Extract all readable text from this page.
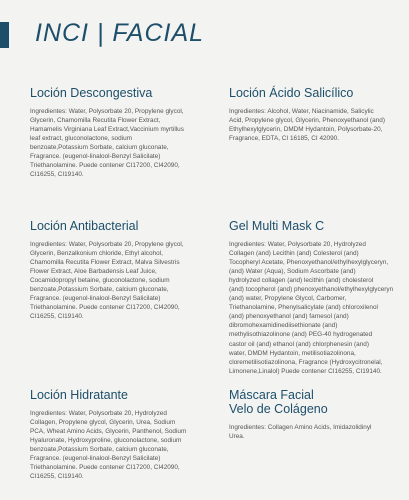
INCI | FACIAL
Loción Descongestiva

Ingredientes: Water, Polysorbate 20, Propylene glycol,
Glycerin, Chamomilla Recutita Flower Extract,
Hamamelis Virginiana Leaf Extract,Vaccinium myrtillus
leaf extract, gluconolactone, sodium
benzoate,Potassium Sorbate, calcium gluconate,
Fragrance. (eugenol-linalool-Benzyl Salicilate)
Triethanolamine. Puede contener CI17200, CI42090,
CI16255, CI19140.

Loción Ácido Salicílico

Ingredientes: Alcohol, Water, Niacinamide, Salicylic
Acid, Propylene glycol, Glycerin, Phenoxyethanol (and)
Ethylhexylglycerin, DMDM Hydantoin, Polysorbate-20,
Fragrance, EDTA, CI 16185, CI 42090.

Loción Antibacterial

Ingredientes: Water, Polysorbate 20, Propylene glycol,
Glycerin, Benzalkonium chloride, Ethyl alcohol,
Chamomilla Recutita Flower Extract, Malva Silvestris
Flower Extract, Aloe Barbadensis Leaf Juice,
Cocamidopropyl betaine, gluconolactone, sodium
benzoate,Potassium Sorbate, calcium gluconate,
Fragrance. (eugenol-linalool-Benzyl Salicilate)
Triethanolamine. Puede contener CI17200, CI42090,
CI16255, CI19140.

Gel Multi Mask C

Ingredientes: Water, Polysorbate 20, Hydrolyzed
Collagen (and) Lecithin (and) Colesterol (and)
Tocopheryl Acetate, Phenoxyethanol/ethylhexylglyceryn,
(and) Water (Aqua), Sodium Ascorbate (and)
hydrolyzed collagen (and) lecithin (and) cholesterol
(and) tocopherol (and) phenoxyethanol/ethylhexylglyceryn
(and) water, Propylene Glycol, Carbomer,
Triethanolamine, Phenylsalicylate (and) chloroxilenol
(and) phenoxyethanol (and) farnesol (and)
dibromohexamidinediisethionate (and)
methylisothiazolinone (and) PEG-40 hydrogenated
castor oil (and) ethanol (and) chlorphenesin (and)
water, DMDM Hydantoin, metilisotiazolinona,
cloremetilisotiazolinona, Fragrance (Hydroxycitronelal,
Limonene,Linalol) Puede contener CI16255, CI19140.

Loción Hidratante

Ingredientes: Water, Polysorbate 20, Hydrolyzed
Collagen, Propylene glycol, Glycerin, Urea, Sodium
PCA, Wheat Amino Acids, Glycerin, Panthenol, Sodium
Hyaluronate, Hydroxyproline, gluconolactone, sodium
benzoate,Potassium Sorbate, calcium gluconate,
Fragrance. (eugenol-linalool-Benzyl Salicilate)
Triethanolamine. Puede contener CI17200, CI42090,
CI16255, CI19140.

Máscara Facial
Velo de Colágeno

Ingredientes: Collagen Amino Acids, Imidazolidinyl
Urea.
